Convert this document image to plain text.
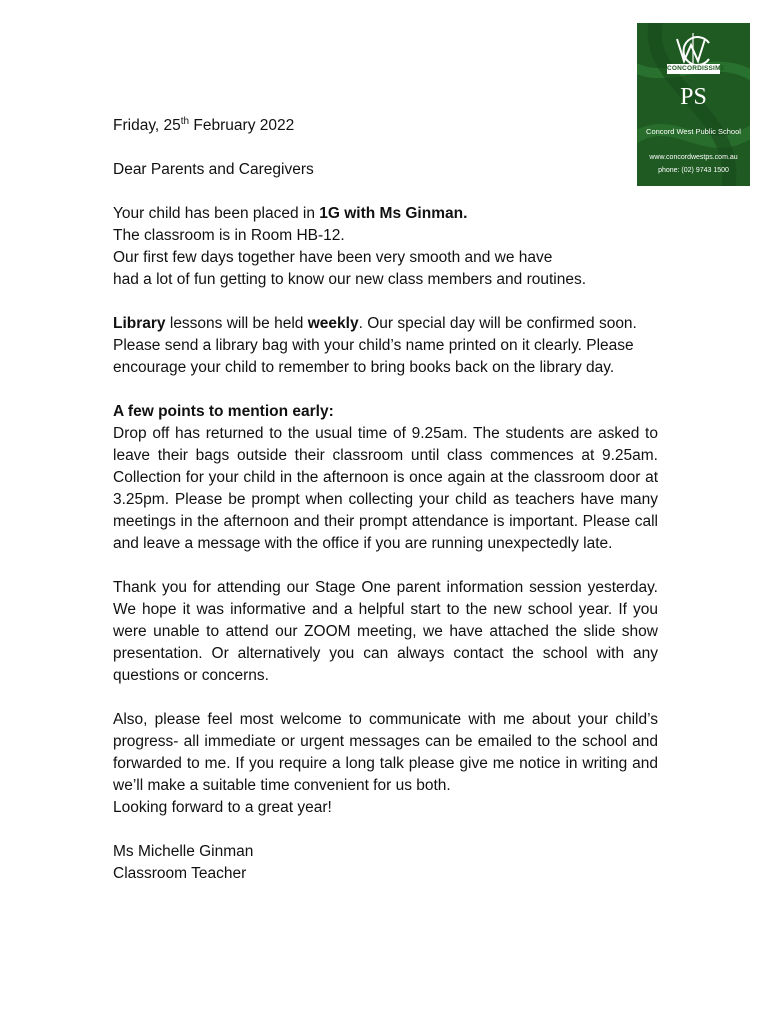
CONCORDISSIME
PS
Concord West Public School
www.concordwestps.com.au
phone: (02) 9743 1500

Friday, 25th February 2022

Dear Parents and Caregivers

Your child has been placed in 1G with Ms Ginman.
The classroom is in Room HB-12.
Our first few days together have been very smooth and we have
had a lot of fun getting to know our new class members and routines.

Library lessons will be held weekly. Our special day will be confirmed soon. Please send a library bag with your child’s name printed on it clearly. Please encourage your child to remember to bring books back on the library day.

A few points to mention early:
Drop off has returned to the usual time of 9.25am. The students are asked to leave their bags outside their classroom until class commences at 9.25am. Collection for your child in the afternoon is once again at the classroom door at 3.25pm. Please be prompt when collecting your child as teachers have many meetings in the afternoon and their prompt attendance is important. Please call and leave a message with the office if you are running unexpectedly late.

Thank you for attending our Stage One parent information session yesterday. We hope it was informative and a helpful start to the new school year. If you were unable to attend our ZOOM meeting, we have attached the slide show presentation. Or alternatively you can always contact the school with any questions or concerns.

Also, please feel most welcome to communicate with me about your child’s progress- all immediate or urgent messages can be emailed to the school and forwarded to me. If you require a long talk please give me notice in writing and we’ll make a suitable time convenient for us both.
Looking forward to a great year!

Ms Michelle Ginman
Classroom Teacher
